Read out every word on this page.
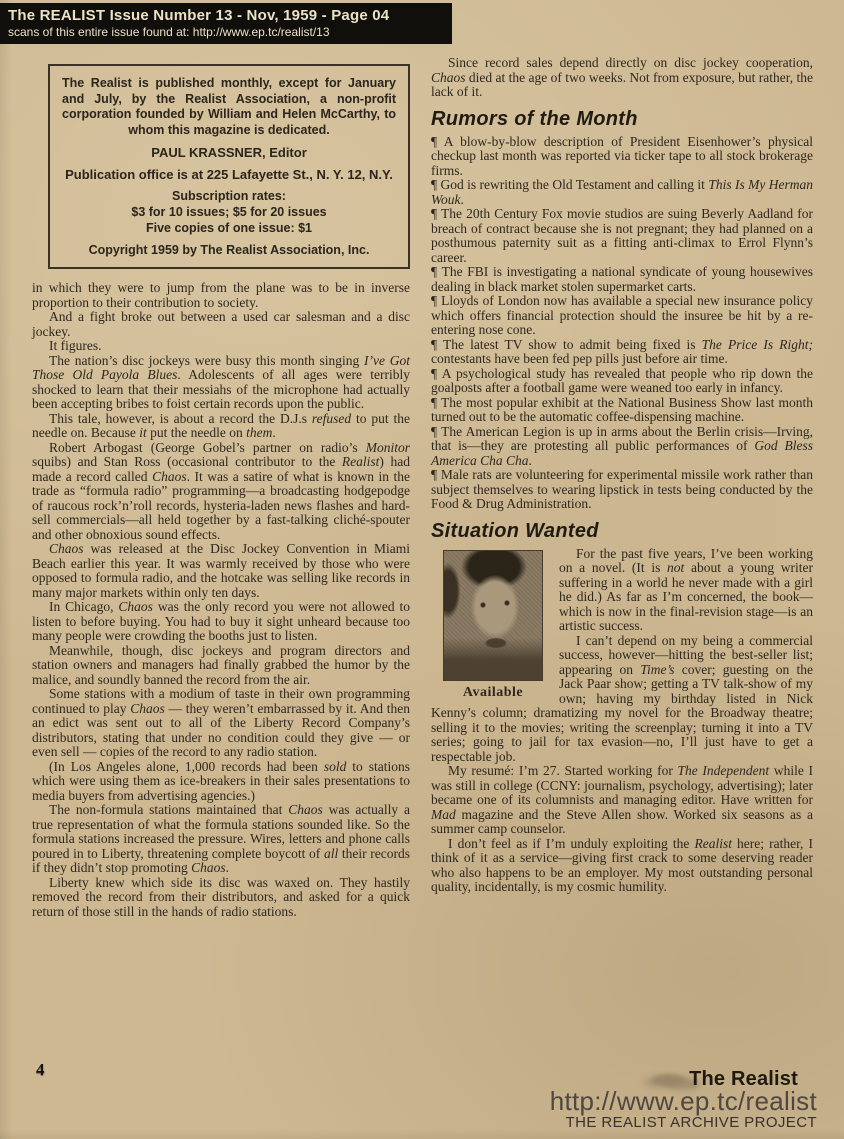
The REALIST Issue Number 13 - Nov, 1959 - Page 04
scans of this entire issue found at: http://www.ep.tc/realist/13
The Realist is published monthly, except for January and July, by the Realist Association, a non-profit corporation founded by William and Helen McCarthy, to whom this magazine is dedicated.
PAUL KRASSNER, Editor
Publication office is at 225 Lafayette St., N. Y. 12, N.Y.
Subscription rates:
$3 for 10 issues; $5 for 20 issues
Five copies of one issue: $1
Copyright 1959 by The Realist Association, Inc.

in which they were to jump from the plane was to be in inverse proportion to their contribution to society.

And a fight broke out between a used car salesman and a disc jockey.

It figures.

The nation’s disc jockeys were busy this month singing I’ve Got Those Old Payola Blues. Adolescents of all ages were terribly shocked to learn that their messiahs of the microphone had actually been accepting bribes to foist certain records upon the public.

This tale, however, is about a record the D.J.s refused to put the needle on. Because it put the needle on them.

Robert Arbogast (George Gobel’s partner on radio’s Monitor squibs) and Stan Ross (occasional contributor to the Realist) had made a record called Chaos. It was a satire of what is known in the trade as “formula radio” programming—a broadcasting hodgepodge of raucous rock’n’roll records, hysteria-laden news flashes and hard-sell commercials—all held together by a fast-talking cliché-spouter and other obnoxious sound effects.

Chaos was released at the Disc Jockey Convention in Miami Beach earlier this year. It was warmly received by those who were opposed to formula radio, and the hotcake was selling like records in many major markets within only ten days.

In Chicago, Chaos was the only record you were not allowed to listen to before buying. You had to buy it sight unheard because too many people were crowding the booths just to listen.

Meanwhile, though, disc jockeys and program directors and station owners and managers had finally grabbed the humor by the malice, and soundly banned the record from the air.

Some stations with a modium of taste in their own programming continued to play Chaos — they weren’t embarrassed by it. And then an edict was sent out to all of the Liberty Record Company’s distributors, stating that under no condition could they give — or even sell — copies of the record to any radio station.

(In Los Angeles alone, 1,000 records had been sold to stations which were using them as ice-breakers in their sales presentations to media buyers from advertising agencies.)

The non-formula stations maintained that Chaos was actually a true representation of what the formula stations sounded like. So the formula stations increased the pressure. Wires, letters and phone calls poured in to Liberty, threatening complete boycott of all their records if they didn’t stop promoting Chaos.

Liberty knew which side its disc was waxed on. They hastily removed the record from their distributors, and asked for a quick return of those still in the hands of radio stations.

Since record sales depend directly on disc jockey cooperation, Chaos died at the age of two weeks. Not from exposure, but rather, the lack of it.

Rumors of the Month

¶ A blow-by-blow description of President Eisenhower’s physical checkup last month was reported via ticker tape to all stock brokerage firms.

¶ God is rewriting the Old Testament and calling it This Is My Herman Wouk.

¶ The 20th Century Fox movie studios are suing Beverly Aadland for breach of contract because she is not pregnant; they had planned on a posthumous paternity suit as a fitting anti-climax to Errol Flynn’s career.

¶ The FBI is investigating a national syndicate of young housewives dealing in black market stolen supermarket carts.

¶ Lloyds of London now has available a special new insurance policy which offers financial protection should the insuree be hit by a re-entering nose cone.

¶ The latest TV show to admit being fixed is The Price Is Right; contestants have been fed pep pills just before air time.

¶ A psychological study has revealed that people who rip down the goalposts after a football game were weaned too early in infancy.

¶ The most popular exhibit at the National Business Show last month turned out to be the automatic coffee-dispensing machine.

¶ The American Legion is up in arms about the Berlin crisis—Irving, that is—they are protesting all public performances of God Bless America Cha Cha.

¶ Male rats are volunteering for experimental missile work rather than subject themselves to wearing lipstick in tests being conducted by the Food & Drug Administration.

Situation Wanted
Available

For the past five years, I’ve been working on a novel. (It is not about a young writer suffering in a world he never made with a girl he did.) As far as I’m concerned, the book—which is now in the final-revision stage—is an artistic success.

I can’t depend on my being a commercial success, however—hitting the best-seller list; appearing on Time’s cover; guesting on the Jack Paar show; getting a TV talk-show of my own; having my birthday listed in Nick Kenny’s column; dramatizing my novel for the Broadway theatre; selling it to the movies; writing the screenplay; turning it into a TV series; going to jail for tax evasion—no, I’ll just have to get a respectable job.

My resumé: I’m 27. Started working for The Independent while I was still in college (CCNY: journalism, psychology, advertising); later became one of its columnists and managing editor. Have written for Mad magazine and the Steve Allen show. Worked six seasons as a summer camp counselor.

I don’t feel as if I’m unduly exploiting the Realist here; rather, I think of it as a service—giving first crack to some deserving reader who also happens to be an employer. My most outstanding personal quality, incidentally, is my cosmic humility.

4	The Realist
http://www.ep.tc/realist
THE REALIST ARCHIVE PROJECT
